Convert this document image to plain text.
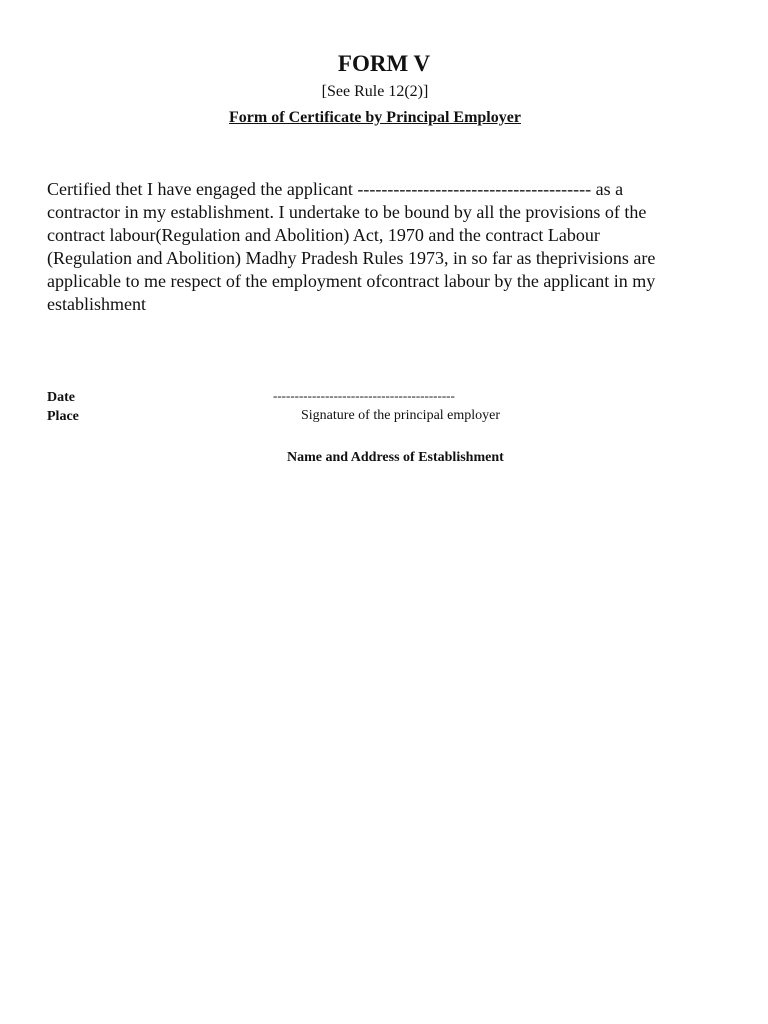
FORM V
[See Rule 12(2)]
Form of Certificate by Principal Employer

Certified thet I have engaged the applicant --------------------------------------- as a
contractor in my establishment. I undertake to be bound by all the provisions of the
contract labour(Regulation and Abolition) Act, 1970 and the contract Labour
(Regulation and Abolition) Madhy Pradesh Rules 1973, in so far as theprivisions are
applicable to me respect of the employment ofcontract labour by the applicant in my
establishment

Date
Place
------------------------------------------
Signature of the principal employer
Name and Address of Establishment
